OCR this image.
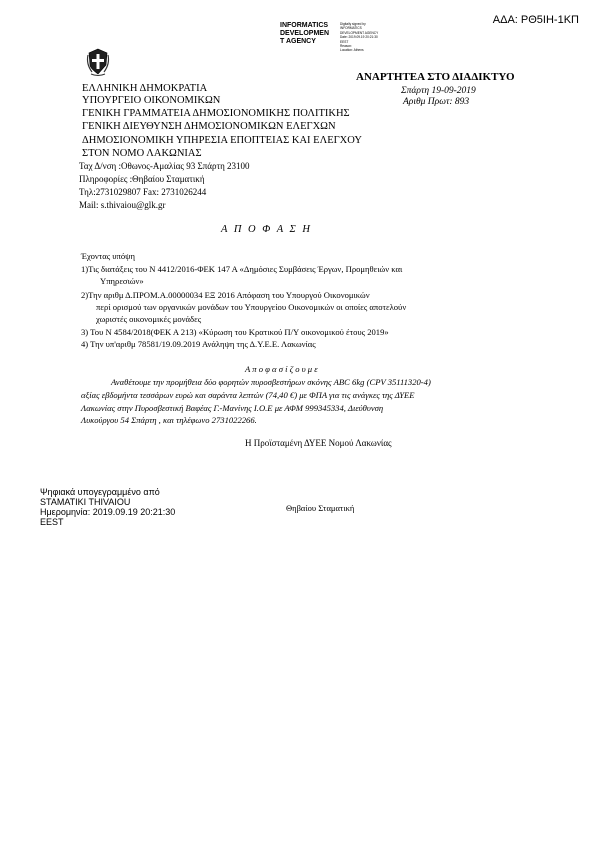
ΑΔΑ: ΡΘ5ΙΗ-1ΚΠ
INFORMATICS
DEVELOPMEN
T AGENCY
Digitally signed by
INFORMATICS
DEVELOPMENT AGENCY
Date: 2019.09.19 20:21:30
EEST
Reason:
Location: Athens
ΕΛΛΗΝΙΚΗ ΔΗΜΟΚΡΑΤΙΑ
ΥΠΟΥΡΓΕΙΟ ΟΙΚΟΝΟΜΙΚΩΝ
ΓΕΝΙΚΗ ΓΡΑΜΜΑΤΕΙΑ ΔΗΜΟΣΙΟΝΟΜΙΚΗΣ ΠΟΛΙΤΙΚΗΣ
ΓΕΝΙΚΗ ΔΙΕΥΘΥΝΣΗ ΔΗΜΟΣΙΟΝΟΜΙΚΩΝ ΕΛΕΓΧΩΝ
ΔΗΜΟΣΙΟΝΟΜΙΚΗ ΥΠΗΡΕΣΙΑ ΕΠΟΠΤΕΙΑΣ ΚΑΙ ΕΛΕΓΧΟΥ
ΣΤΟΝ ΝΟΜΟ ΛΑΚΩΝΙΑΣ
ΑΝΑΡΤΗΤΕΑ ΣΤΟ ΔΙΑΔΙΚΤΥΟ
Σπάρτη 19-09-2019
Αριθμ Πρωτ: 893
Ταχ Δ/νση :Οθωνος-Αμαλίας 93 Σπάρτη 23100
Πληροφορίες :Θηβαίου Σταματική
Τηλ:2731029807 Fax: 2731026244
Mail: s.thivaiou@glk.gr
Α Π Ο Φ Α Σ Η
Έχοντας υπόψη
1)Τις διατάξεις του Ν 4412/2016-ΦΕΚ 147 Α «Δημόσιες Συμβάσεις Έργων, Προμηθειών και
Υπηρεσιών»
2)Την αριθμ Δ.ΠΡΟΜ.Α.00000034 ΕΞ 2016 Απόφαση του Υπουργού Οικονομικών
περί ορισμού των οργανικών μονάδων του Υπουργείου Οικονομικών οι οποίες αποτελούν
χωριστές οικονομικές μονάδες
3) Του Ν 4584/2018(ΦΕΚ Α 213) «Κύρωση του Κρατικού Π/Υ οικονομικού έτους 2019»
4) Την υπ'αριθμ 78581/19.09.2019 Ανάληψη της Δ.Υ.Ε.Ε. Λακωνίας
Α π ο φ α σ ί ζ ο υ μ ε
Αναθέτουμε την προμήθεια δύο φορητών πυροσβεστήρων σκόνης ABC 6kg (CPV 35111320-4)
αξίας εβδομήντα τεσσάρων ευρώ και σαράντα λεπτών (74,40 €) με ΦΠΑ για τις ανάγκες της ΔΥΕΕ
Λακωνίας στην Πυροσβεστική Βαφέας Γ.-Μανίνης Ι.Ο.Ε με ΑΦΜ 999345334, Διεύθυνση
Λυκούργου 54 Σπάρτη , και τηλέφωνο 2731022266.
Η Προϊσταμένη ΔΥΕΕ Νομού Λακωνίας
Ψηφιακά υπογεγραμμένο από
STAMATIKI THIVAIOU
Ημερομηνία: 2019.09.19 20:21:30
EEST
Θηβαίου Σταματική
